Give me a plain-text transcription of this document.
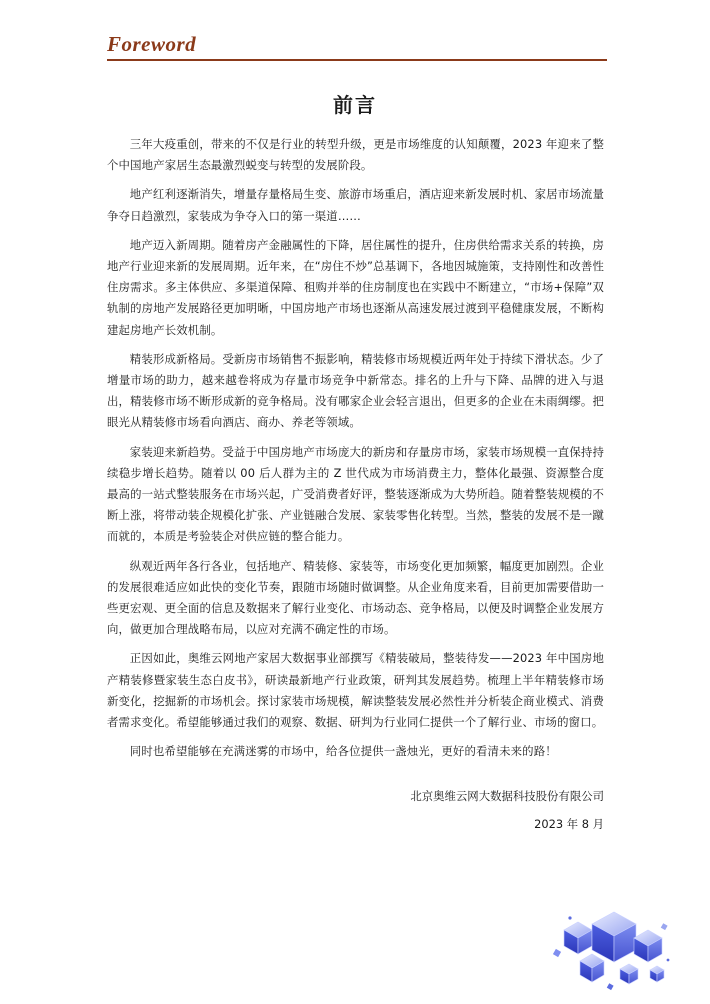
Foreword
前言

三年大疫重创，带来的不仅是行业的转型升级，更是市场维度的认知颠覆，2023 年迎来了整个中国地产家居生态最激烈蜕变与转型的发展阶段。

地产红利逐渐消失，增量存量格局生变、旅游市场重启，酒店迎来新发展时机、家居市场流量争夺日趋激烈，家装成为争夺入口的第一渠道……

地产迈入新周期。随着房产金融属性的下降，居住属性的提升，住房供给需求关系的转换，房地产行业迎来新的发展周期。近年来，在“房住不炒”总基调下，各地因城施策，支持刚性和改善性住房需求。多主体供应、多渠道保障、租购并举的住房制度也在实践中不断建立，“市场+保障”双轨制的房地产发展路径更加明晰，中国房地产市场也逐渐从高速发展过渡到平稳健康发展，不断构建起房地产长效机制。

精装形成新格局。受新房市场销售不振影响，精装修市场规模近两年处于持续下滑状态。少了增量市场的助力，越来越卷将成为存量市场竞争中新常态。排名的上升与下降、品牌的进入与退出，精装修市场不断形成新的竞争格局。没有哪家企业会轻言退出，但更多的企业在未雨绸缪。把眼光从精装修市场看向酒店、商办、养老等领域。

家装迎来新趋势。受益于中国房地产市场庞大的新房和存量房市场，家装市场规模一直保持持续稳步增长趋势。随着以 00 后人群为主的 Z 世代成为市场消费主力，整体化最强、资源整合度最高的一站式整装服务在市场兴起，广受消费者好评，整装逐渐成为大势所趋。随着整装规模的不断上涨，将带动装企规模化扩张、产业链融合发展、家装零售化转型。当然，整装的发展不是一蹴而就的，本质是考验装企对供应链的整合能力。

纵观近两年各行各业，包括地产、精装修、家装等，市场变化更加频繁，幅度更加剧烈。企业的发展很难适应如此快的变化节奏，跟随市场随时做调整。从企业角度来看，目前更加需要借助一些更宏观、更全面的信息及数据来了解行业变化、市场动态、竞争格局，以便及时调整企业发展方向，做更加合理战略布局，以应对充满不确定性的市场。

正因如此，奥维云网地产家居大数据事业部撰写《精装破局，整装待发——2023 年中国房地产精装修暨家装生态白皮书》，研读最新地产行业政策，研判其发展趋势。梳理上半年精装修市场新变化，挖掘新的市场机会。探讨家装市场规模，解读整装发展必然性并分析装企商业模式、消费者需求变化。希望能够通过我们的观察、数据、研判为行业同仁提供一个了解行业、市场的窗口。

同时也希望能够在充满迷雾的市场中，给各位提供一盏烛光，更好的看清未来的路！

北京奥维云网大数据科技股份有限公司
2023 年 8 月
